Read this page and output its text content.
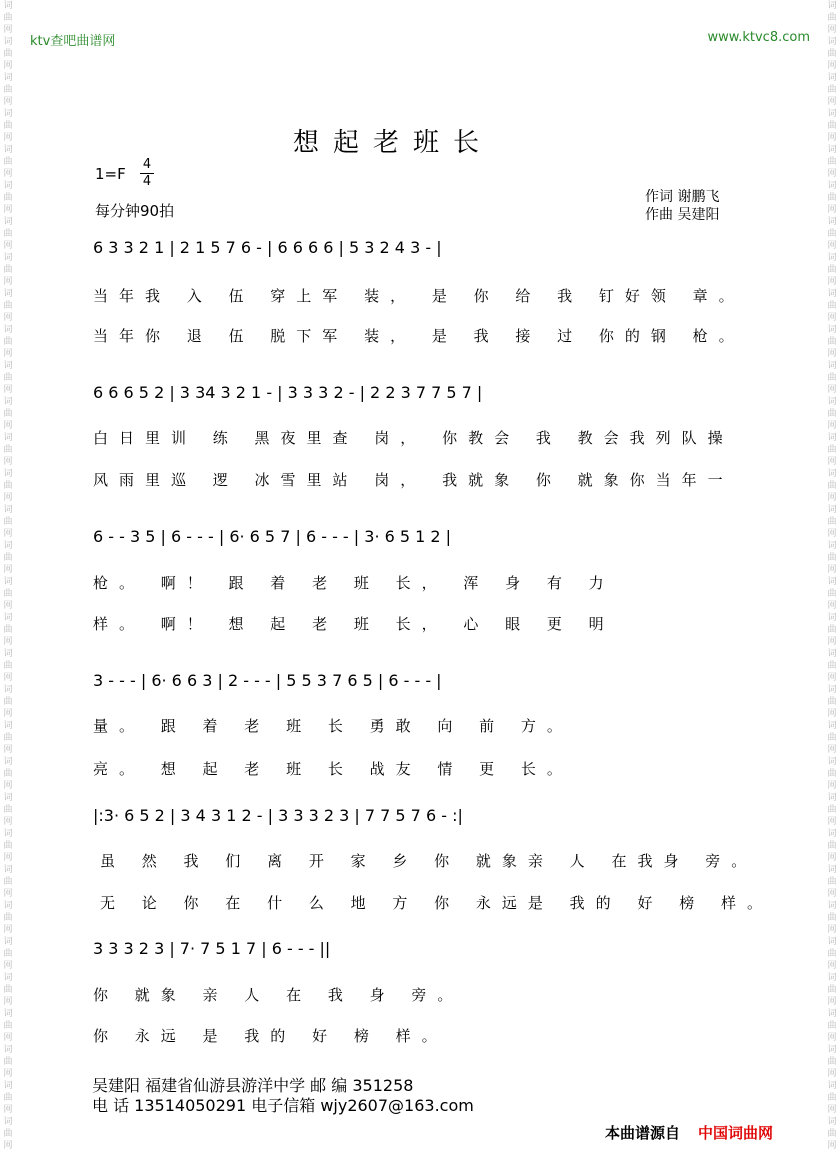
词
曲
网
词
曲
网
词
曲
网
词
曲
网
词
曲
网
词
曲
网
词
曲
网
词
曲
网
词
曲
网
词
曲
网
词
曲
网
词
曲
网
词
曲
网
词
曲
网
词
曲
网
词
曲
网
词
曲
网
词
曲
网
词
曲
网
词
曲
网
词
曲
网
词
曲
网
词
曲
网
词
曲
网
词
曲
网
词
曲
网
词
曲
网
词
曲
网
词
曲
网
词
曲
网
词
曲
网
词
曲
网
词
曲
网
词
曲
网
词
曲
网
词
曲
网
词
曲
网
词
曲
网
词
曲
网
词
曲
网
词
曲
网
词
曲
网
词
曲
网
词
曲
网
词
曲
网
词
曲
网
词
曲
网
词
曲
网
词
曲
网
词
曲
网
词
曲
网
词
曲
网
词
曲
网
词
曲
网
词
曲
网
词
曲
网
词
曲
网
词
曲
网
词
曲
网
词
曲
网
词
曲
网
词
曲
网
词
曲
网
词
曲
网
ktv查吧曲谱网	www.ktvc8.com
想起老班长
1=F
4
4
每分钟90拍
作词 谢鹏飞
作曲 吴建阳
6 3 3 2 1 | 2 1 5 7 6 - | 6 6 6 6 | 5 3 2 4 3 - |
当年我 入 伍 穿上军 装， 是 你 给 我 钉好领 章。
当年你 退 伍 脱下军 装， 是 我 接 过 你的钢 枪。
6 6 6 5 2 | 3 34 3 2 1 - | 3 3 3 2 - | 2 2 3 7 7 5 7 |
白日里训 练 黑夜里查 岗， 你教会 我 教会我列队操
风雨里巡 逻 冰雪里站 岗， 我就象 你 就象你当年一
6 - - 3 5 | 6 - - - | 6· 6 5 7 | 6 - - - | 3· 6 5 1 2 |
枪。 啊！ 跟 着 老 班 长， 浑 身 有 力
样。 啊！ 想 起 老 班 长， 心 眼 更 明
3 - - - | 6· 6 6 3 | 2 - - - | 5 5 3 7 6 5 | 6 - - - |
量。 跟 着 老 班 长 勇敢 向 前 方。
亮。 想 起 老 班 长 战友 情 更 长。
|:3· 6 5 2 | 3 4 3 1 2 - | 3 3 3 2 3 | 7 7 5 7 6 - :|
虽 然 我 们 离 开 家 乡 你 就象亲 人 在我身 旁。
无 论 你 在 什 么 地 方 你 永远是 我的 好 榜 样。
3 3 3 2 3 | 7· 7 5 1 7 | 6 - - - ||
你 就象 亲 人 在 我 身 旁。
你 永远 是 我的 好 榜 样。
吴建阳 福建省仙游县游洋中学 邮 编 351258
电 话 13514050291 电子信箱 wjy2607@163.com
本曲谱源自 中国词曲网
